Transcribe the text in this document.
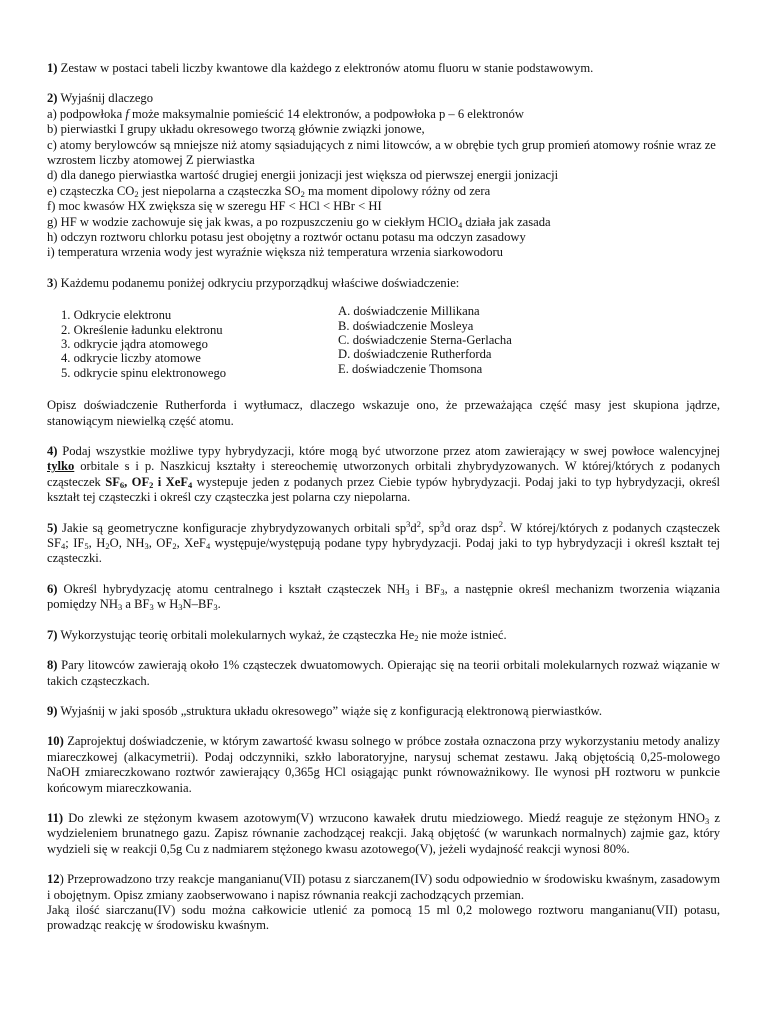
1) Zestaw w postaci tabeli liczby kwantowe dla każdego z elektronów atomu fluoru w stanie podstawowym.

2) Wyjaśnij dlaczego

a) podpowłoka f może maksymalnie pomieścić 14 elektronów, a podpowłoka p – 6 elektronów

b) pierwiastki I grupy układu okresowego tworzą głównie związki jonowe,

c) atomy berylowców są mniejsze niż atomy sąsiadujących z nimi litowców, a w obrębie tych grup promień atomowy rośnie wraz ze wzrostem liczby atomowej Z pierwiastka

d) dla danego pierwiastka wartość drugiej energii jonizacji jest większa od pierwszej energii jonizacji

e) cząsteczka $CO_2$ jest niepolarna a cząsteczka $SO_2$ ma moment dipolowy różny od zera

f) moc kwasów HX zwiększa się w szeregu HF < HCl < HBr < HI

g) HF w wodzie zachowuje się jak kwas, a po rozpuszczeniu go w ciekłym HClO$_4$ działa jak zasada

h) odczyn roztworu chlorku potasu jest obojętny a roztwór octanu potasu ma odczyn zasadowy

i) temperatura wrzenia wody jest wyraźnie większa niż temperatura wrzenia siarkowodoru

3) Każdemu podanemu poniżej odkryciu przyporządkuj właściwe doświadczenie:

1. Odkrycie elektronu
2. Określenie ładunku elektronu
3. odkrycie jądra atomowego
4. odkrycie liczby atomowe
5. odkrycie spinu elektronowego
A. doświadczenie Millikana
B. doświadczenie Mosleya
C. doświadczenie Sterna-Gerlacha
D. doświadczenie Rutherforda
E. doświadczenie Thomsona

Opisz doświadczenie Rutherforda i wytłumacz, dlaczego wskazuje ono, że przeważająca część masy jest skupiona jądrze, stanowiącym niewielką część atomu.

4) Podaj wszystkie możliwe typy hybrydyzacji, które mogą być utworzone przez atom zawierający w swej powłoce walencyjnej tylko orbitale s i p. Naszkicuj kształty i stereochemię utworzonych orbitali zhybrydyzowanych. W której/których z podanych cząsteczek $SF_6$, $OF_2$ i XeF$_4$ wystepuje jeden z podanych przez Ciebie typów hybrydyzacji. Podaj jaki to typ hybrydyzacji, określ kształt tej cząsteczki i określ czy cząsteczka jest polarna czy niepolarna.

5) Jakie są geometryczne konfiguracje zhybrydyzowanych orbitali $sp^3d^2$, $sp^3d$ oraz dsp$^2$. W której/których z podanych cząsteczek $SF_4$; $IF_5$, $H_2O$, $NH_3$, $OF_2$, XeF$_4$ występuje/występują podane typy hybrydyzacji. Podaj jaki to typ hybrydyzacji i określ kształt tej cząsteczki.

6) Określ hybrydyzację atomu centralnego i kształt cząsteczek $NH_3$ i $BF_3$, a następnie określ mechanizm tworzenia wiązania pomiędzy $NH_3$ a $BF_3$ w $H_3N-BF_3$.

7) Wykorzystując teorię orbitali molekularnych wykaż, że cząsteczka $He_2$ nie może istnieć.

8) Pary litowców zawierają około 1% cząsteczek dwuatomowych. Opierając się na teorii orbitali molekularnych rozważ wiązanie w takich cząsteczkach.

9) Wyjaśnij w jaki sposób „struktura układu okresowego” wiąże się z konfiguracją elektronową pierwiastków.

10) Zaprojektuj doświadczenie, w którym zawartość kwasu solnego w próbce została oznaczona przy wykorzystaniu metody analizy miareczkowej (alkacymetrii). Podaj odczynniki, szkło laboratoryjne, narysuj schemat zestawu. Jaką objętością 0,25-molowego NaOH zmiareczkowano roztwór zawierający 0,365g HCl osiągając punkt równoważnikowy. Ile wynosi pH roztworu w punkcie końcowym miareczkowania.

11) Do zlewki ze stężonym kwasem azotowym(V) wrzucono kawałek drutu miedziowego. Miedź reaguje ze stężonym $HNO_3$ z wydzieleniem brunatnego gazu. Zapisz równanie zachodzącej reakcji. Jaką objętość (w warunkach normalnych) zajmie gaz, który wydzieli się w reakcji 0,5g Cu z nadmiarem stężonego kwasu azotowego(V), jeżeli wydajność reakcji wynosi 80%.

12) Przeprowadzono trzy reakcje manganianu(VII) potasu z siarczanem(IV) sodu odpowiednio w środowisku kwaśnym, zasadowym i obojętnym. Opisz zmiany zaobserwowano i napisz równania reakcji zachodzących przemian.

Jaką ilość siarczanu(IV) sodu można całkowicie utlenić za pomocą 15 ml 0,2 molowego roztworu manganianu(VII) potasu, prowadząc reakcję w środowisku kwaśnym.
